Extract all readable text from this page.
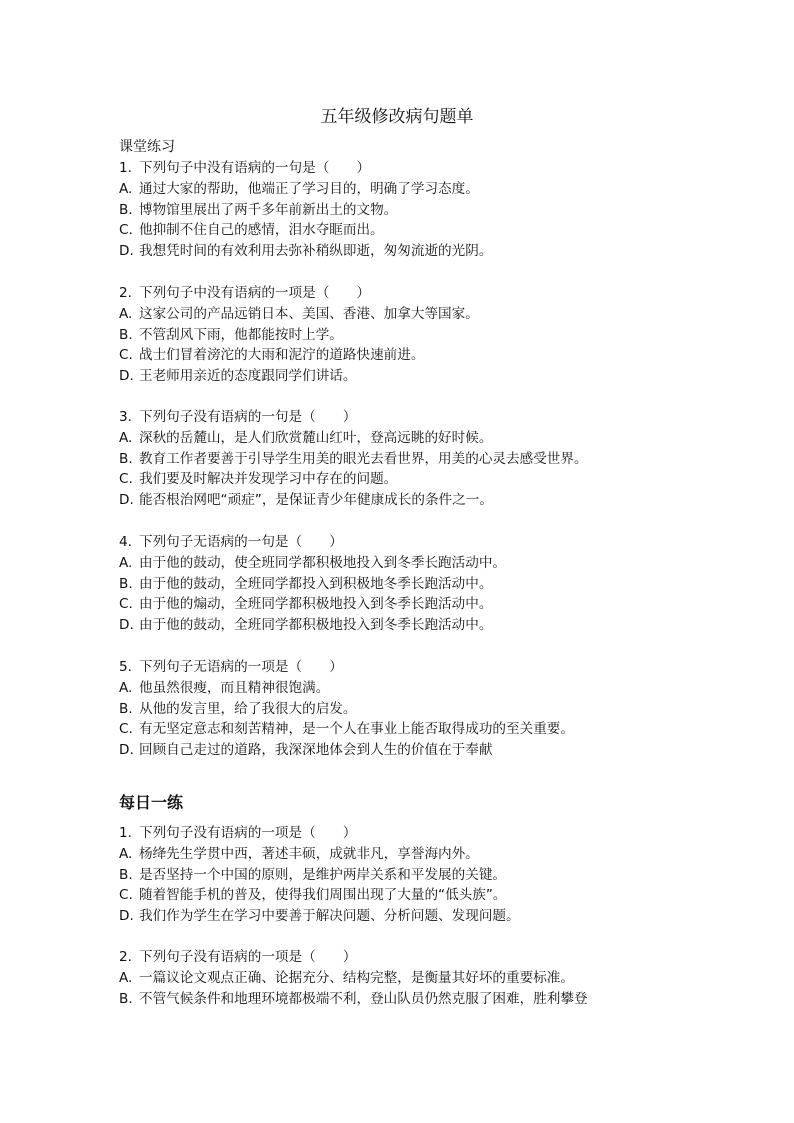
五年级修改病句题单
课堂练习
1. 下列句子中没有语病的一句是（　　）
A. 通过大家的帮助，他端正了学习目的，明确了学习态度。
B. 博物馆里展出了两千多年前新出土的文物。
C. 他抑制不住自己的感情，泪水夺眶而出。
D. 我想凭时间的有效利用去弥补稍纵即逝，匆匆流逝的光阴。
2. 下列句子中没有语病的一项是（　　）
A. 这家公司的产品远销日本、美国、香港、加拿大等国家。
B. 不管刮风下雨，他都能按时上学。
C. 战士们冒着滂沱的大雨和泥泞的道路快速前进。
D. 王老师用亲近的态度跟同学们讲话。
3. 下列句子没有语病的一句是（　　）
A. 深秋的岳麓山，是人们欣赏麓山红叶，登高远眺的好时候。
B. 教育工作者要善于引导学生用美的眼光去看世界，用美的心灵去感受世界。
C. 我们要及时解决并发现学习中存在的问题。
D. 能否根治网吧“顽症”，是保证青少年健康成长的条件之一。
4. 下列句子无语病的一句是（　　）
A. 由于他的鼓动，使全班同学都积极地投入到冬季长跑活动中。
B. 由于他的鼓动，全班同学都投入到积极地冬季长跑活动中。
C. 由于他的煽动，全班同学都积极地投入到冬季长跑活动中。
D. 由于他的鼓动，全班同学都积极地投入到冬季长跑活动中。
5. 下列句子无语病的一项是（　　）
A. 他虽然很瘦，而且精神很饱满。
B. 从他的发言里，给了我很大的启发。
C. 有无坚定意志和刻苦精神，是一个人在事业上能否取得成功的至关重要。
D. 回顾自己走过的道路，我深深地体会到人生的价值在于奉献
每日一练
1. 下列句子没有语病的一项是（　　）
A. 杨绛先生学贯中西，著述丰硕，成就非凡，享誉海内外。
B. 是否坚持一个中国的原则，是维护两岸关系和平发展的关键。
C. 随着智能手机的普及，使得我们周围出现了大量的“低头族”。
D. 我们作为学生在学习中要善于解决问题、分析问题、发现问题。
2. 下列句子没有语病的一项是（　　）
A. 一篇议论文观点正确、论据充分、结构完整，是衡量其好坏的重要标准。
B. 不管气候条件和地理环境都极端不利，登山队员仍然克服了困难，胜利攀登
